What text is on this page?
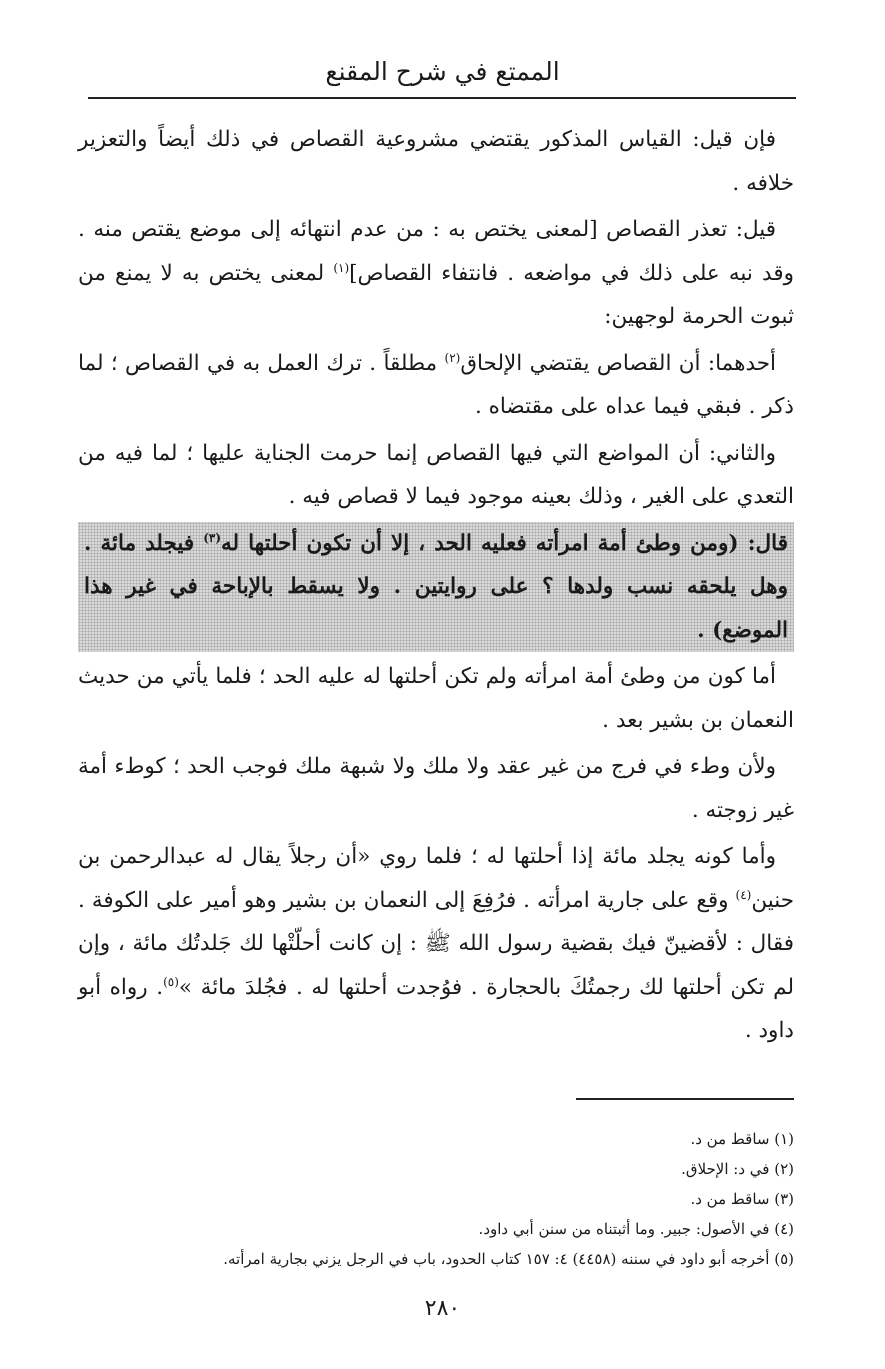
الممتع في شرح المقنع

فإن قيل: القياس المذكور يقتضي مشروعية القصاص في ذلك أيضاً والتعزير خلافه .

قيل: تعذر القصاص [لمعنى يختص به : من عدم انتهائه إلى موضع يقتص منه . وقد نبه على ذلك في مواضعه . فانتفاء القصاص]$^{(١)}$ لمعنى يختص به لا يمنع من ثبوت الحرمة لوجهين:

أحدهما: أن القصاص يقتضي الإلحاق$^{(٢)}$ مطلقاً . ترك العمل به في القصاص ؛ لما ذكر . فبقي فيما عداه على مقتضاه .

والثاني: أن المواضع التي فيها القصاص إنما حرمت الجناية عليها ؛ لما فيه من التعدي على الغير ، وذلك بعينه موجود فيما لا قصاص فيه .

قال: (ومن وطئ أمة امرأته فعليه الحد ، إلا أن تكون أحلتها له$^{(٣)}$ فيجلد مائة . وهل يلحقه نسب ولدها ؟ على روايتين . ولا يسقط بالإباحة في غير هذا الموضع) .

أما كون من وطئ أمة امرأته ولم تكن أحلتها له عليه الحد ؛ فلما يأتي من حديث النعمان بن بشير بعد .

ولأن وطء في فرج من غير عقد ولا ملك ولا شبهة ملك فوجب الحد ؛ كوطء أمة غير زوجته .

وأما كونه يجلد مائة إذا أحلتها له ؛ فلما روي «أن رجلاً يقال له عبدالرحمن بن حنين$^{(٤)}$ وقع على جارية امرأته . فرُفِعَ إلى النعمان بن بشير وهو أمير على الكوفة . فقال : لأقضينّ فيك بقضية رسول الله ﷺ : إن كانت أحلّتْها لك جَلدتُك مائة ، وإن لم تكن أحلتها لك رجمتُكَ بالحجارة . فوُجدت أحلتها له . فجُلدَ مائة »$^{(٥)}$. رواه أبو داود .

(١) ساقط من د.
(٢) في د: الإحلاق.
(٣) ساقط من د.
(٤) في الأصول: جبير. وما أثبتناه من سنن أبي داود.
(٥) أخرجه أبو داود في سننه (٤٤٥٨) ٤: ١٥٧ كتاب الحدود، باب في الرجل يزني بجارية امرأته.
٢٨٠
